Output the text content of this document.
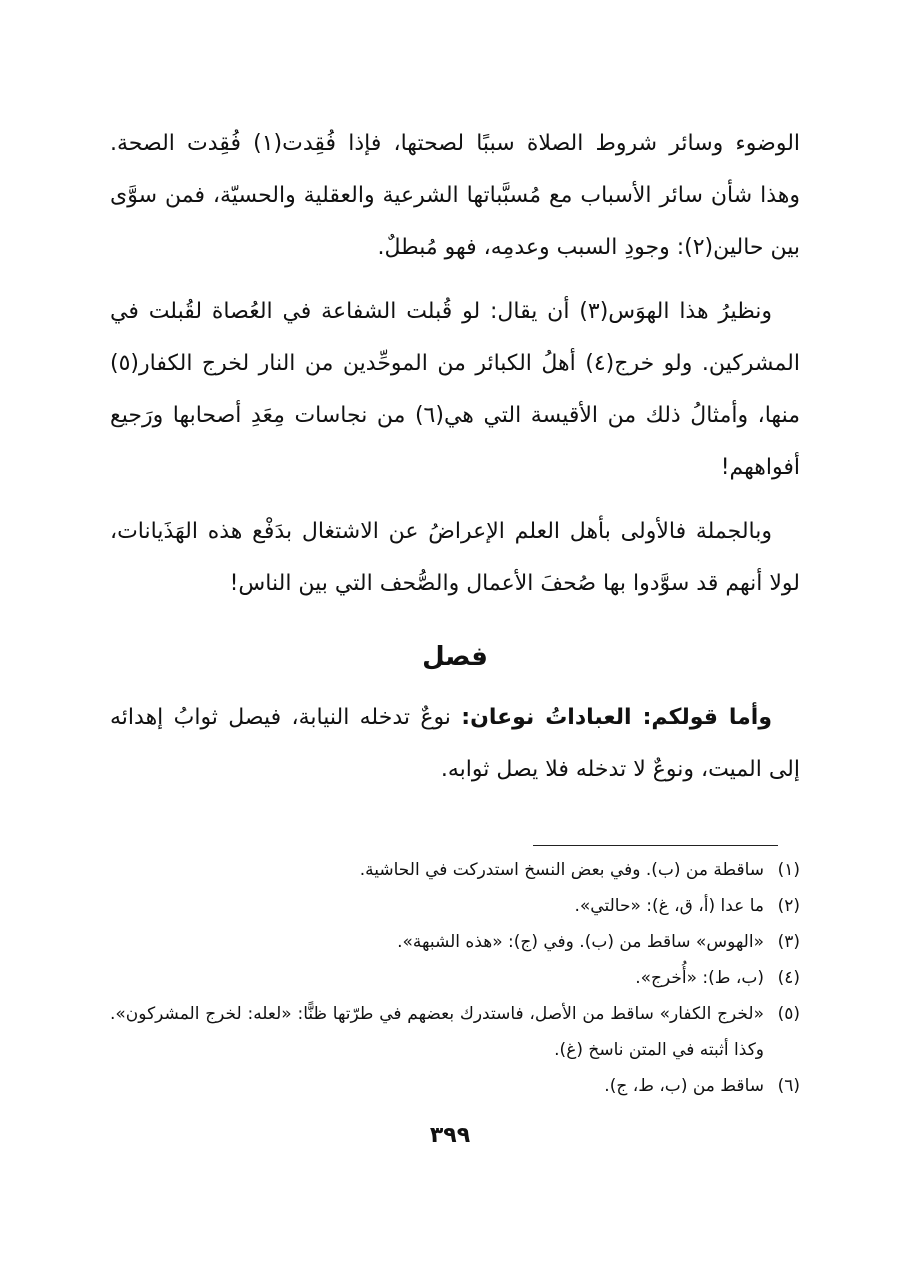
الوضوء وسائر شروط الصلاة سببًا لصحتها، فإذا فُقِدت(١) فُقِدت الصحة. وهذا شأن سائر الأسباب مع مُسبَّباتها الشرعية والعقلية والحسيّة، فمن سوَّى بين حالين(٢): وجودِ السبب وعدمِه، فهو مُبطلٌ.

ونظيرُ هذا الهوَس(٣) أن يقال: لو قُبلت الشفاعة في العُصاة لقُبلت في المشركين. ولو خرج(٤) أهلُ الكبائر من الموحِّدين من النار لخرج الكفار(٥) منها، وأمثالُ ذلك من الأقيسة التي هي(٦) من نجاسات مِعَدِ أصحابها ورَجيع أفواههم!

وبالجملة فالأولى بأهل العلم الإعراضُ عن الاشتغال بدَفْع هذه الهَذَيانات، لولا أنهم قد سوَّدوا بها صُحفَ الأعمال والصُّحف التي بين الناس!

فصل

وأما قولكم: العباداتُ نوعان: نوعٌ تدخله النيابة، فيصل ثوابُ إهدائه إلى الميت، ونوعٌ لا تدخله فلا يصل ثوابه.

(١)
ساقطة من (ب). وفي بعض النسخ استدركت في الحاشية.
(٢)
ما عدا (أ، ق، غ): «حالتي».
(٣)
«الهوس» ساقط من (ب). وفي (ج): «هذه الشبهة».
(٤)
(ب، ط): «أُخرج».
(٥)
«لخرج الكفار» ساقط من الأصل، فاستدرك بعضهم في طرّتها ظنًّا: «لعله: لخرج المشركون». وكذا أثبته في المتن ناسخ (غ).
(٦)
ساقط من (ب، ط، ج).
٣٩٩
